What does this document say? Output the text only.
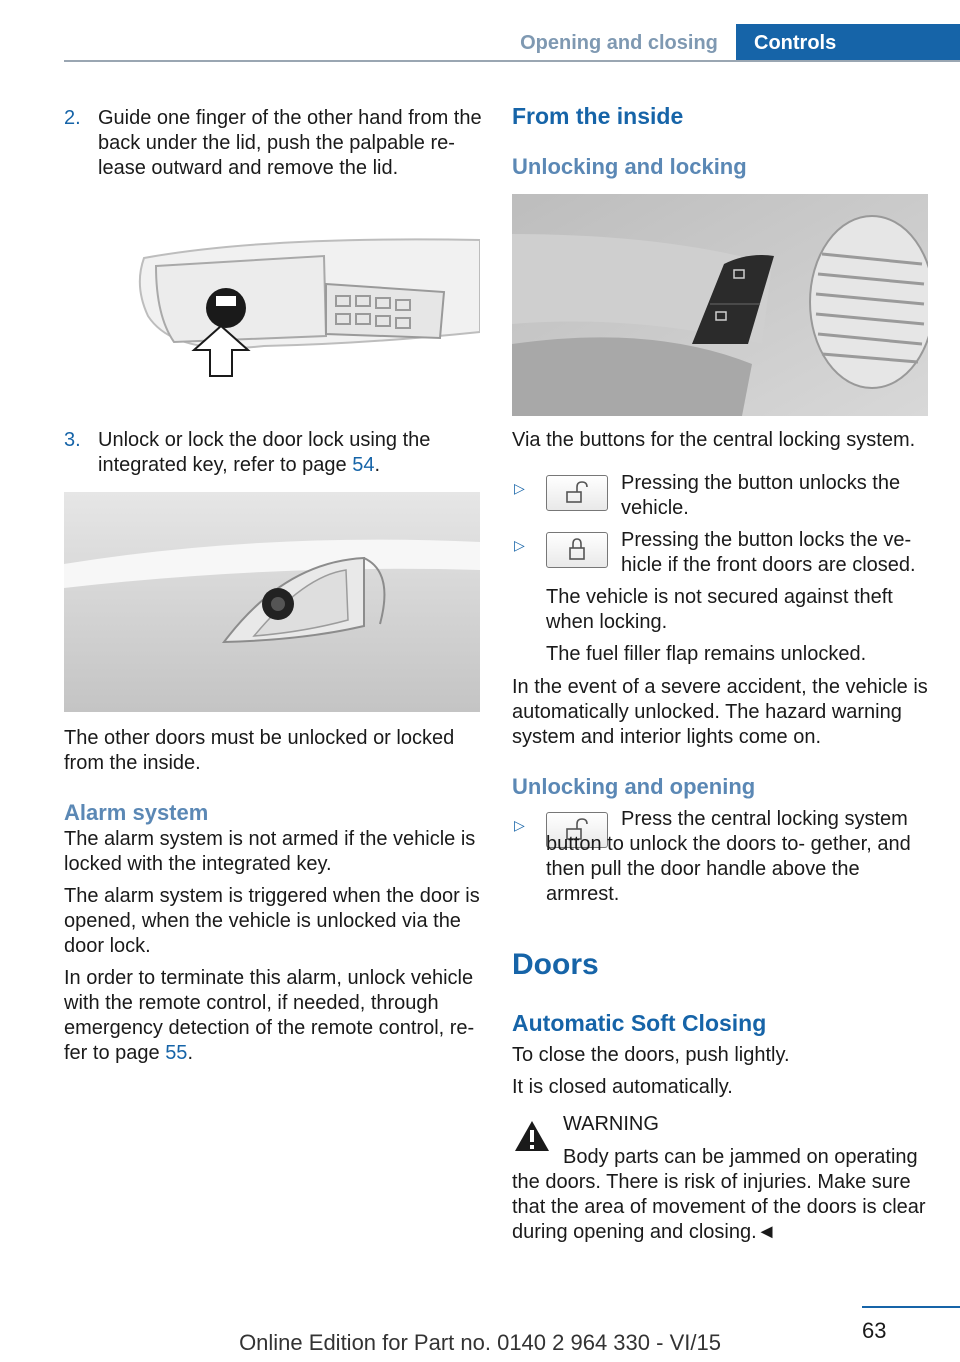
Opening and closing	Controls
2. Guide one finger of the other hand from the back under the lid, push the palpable re‐ lease outward and remove the lid.
3. Unlock or lock the door lock using the integrated key, refer to page 54.

The other doors must be unlocked or locked from the inside.

Alarm system

The alarm system is not armed if the vehicle is locked with the integrated key.

The alarm system is triggered when the door is opened, when the vehicle is unlocked via the door lock.

In order to terminate this alarm, unlock vehicle with the remote control, if needed, through emergency detection of the remote control, re‐ fer to page 55.

From the inside
Unlocking and locking

Via the buttons for the central locking system.

▷	Pressing the button unlocks the vehicle.
▷	Pressing the button locks the ve‐ hicle if the front doors are closed.
The vehicle is not secured against theft when locking.
The fuel filler flap remains unlocked.
In the event of a severe accident, the vehicle is automatically unlocked. The hazard warning system and interior lights come on.
Unlocking and opening
▷	Press the central locking system button to unlock the doors to‐ gether, and then pull the door handle above the armrest.
Doors
Automatic Soft Closing
To close the doors, push lightly.
It is closed automatically.
WARNING
Body parts can be jammed on operating
the doors. There is risk of injuries. Make sure that the area of movement of the doors is clear during opening and closing.◄
63
Online Edition for Part no. 0140 2 964 330 - VI/15
